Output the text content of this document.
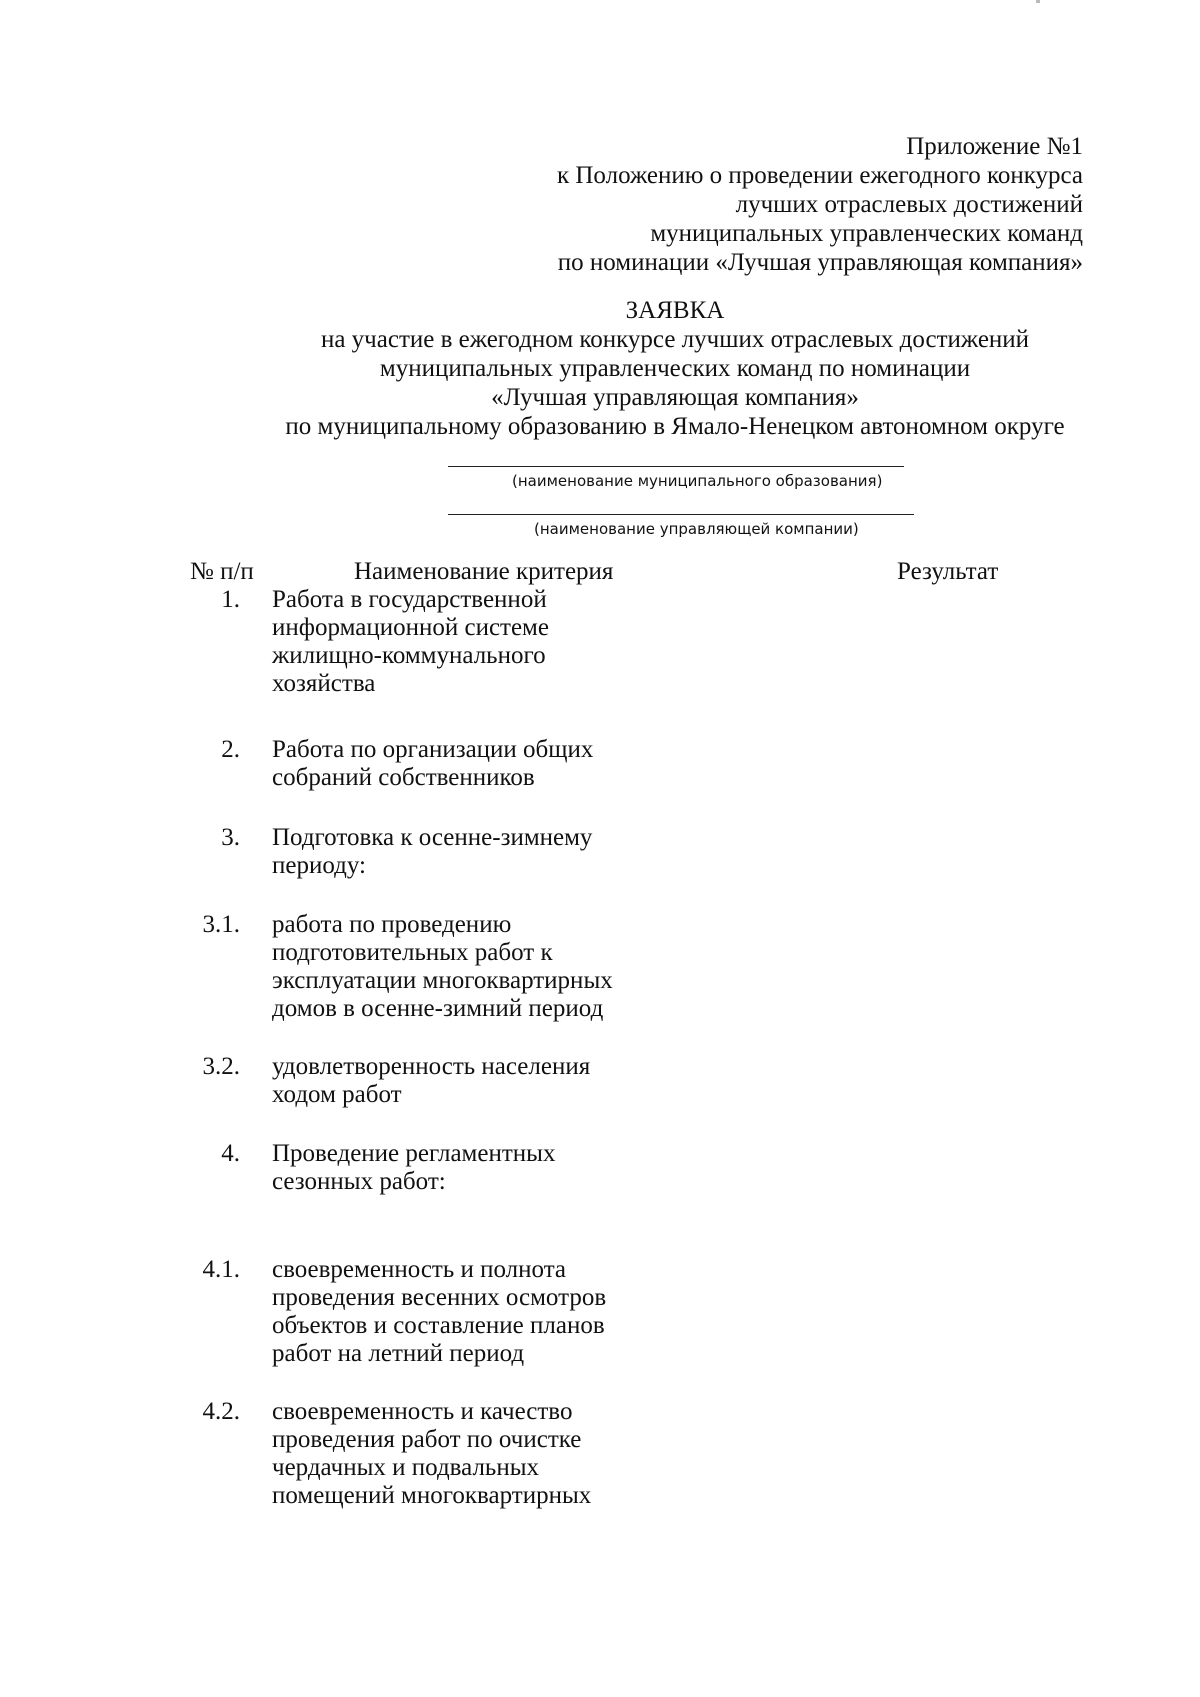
Приложение №1
к Положению о проведении ежегодного конкурса
лучших отраслевых достижений
муниципальных управленческих команд
по номинации «Лучшая управляющая компания»
ЗАЯВКА
на участие в ежегодном конкурсе лучших отраслевых достижений
муниципальных управленческих команд по номинации
«Лучшая управляющая компания»
по муниципальному образованию в Ямало-Ненецком автономном округе
(наименование муниципального образования)
(наименование управляющей компании)
№ п/п	Наименование критерия	Результат
1. Работа в государственной
информационной системе
жилищно-коммунального
хозяйства
2. Работа по организации общих
собраний собственников
3. Подготовка к осенне-зимнему
периоду:
3.1. работа по проведению
подготовительных работ к
эксплуатации многоквартирных
домов в осенне-зимний период
3.2. удовлетворенность населения
ходом работ
4. Проведение регламентных
сезонных работ:
4.1. своевременность и полнота
проведения весенних осмотров
объектов и составление планов
работ на летний период
4.2. своевременность и качество
проведения работ по очистке
чердачных и подвальных
помещений многоквартирных
